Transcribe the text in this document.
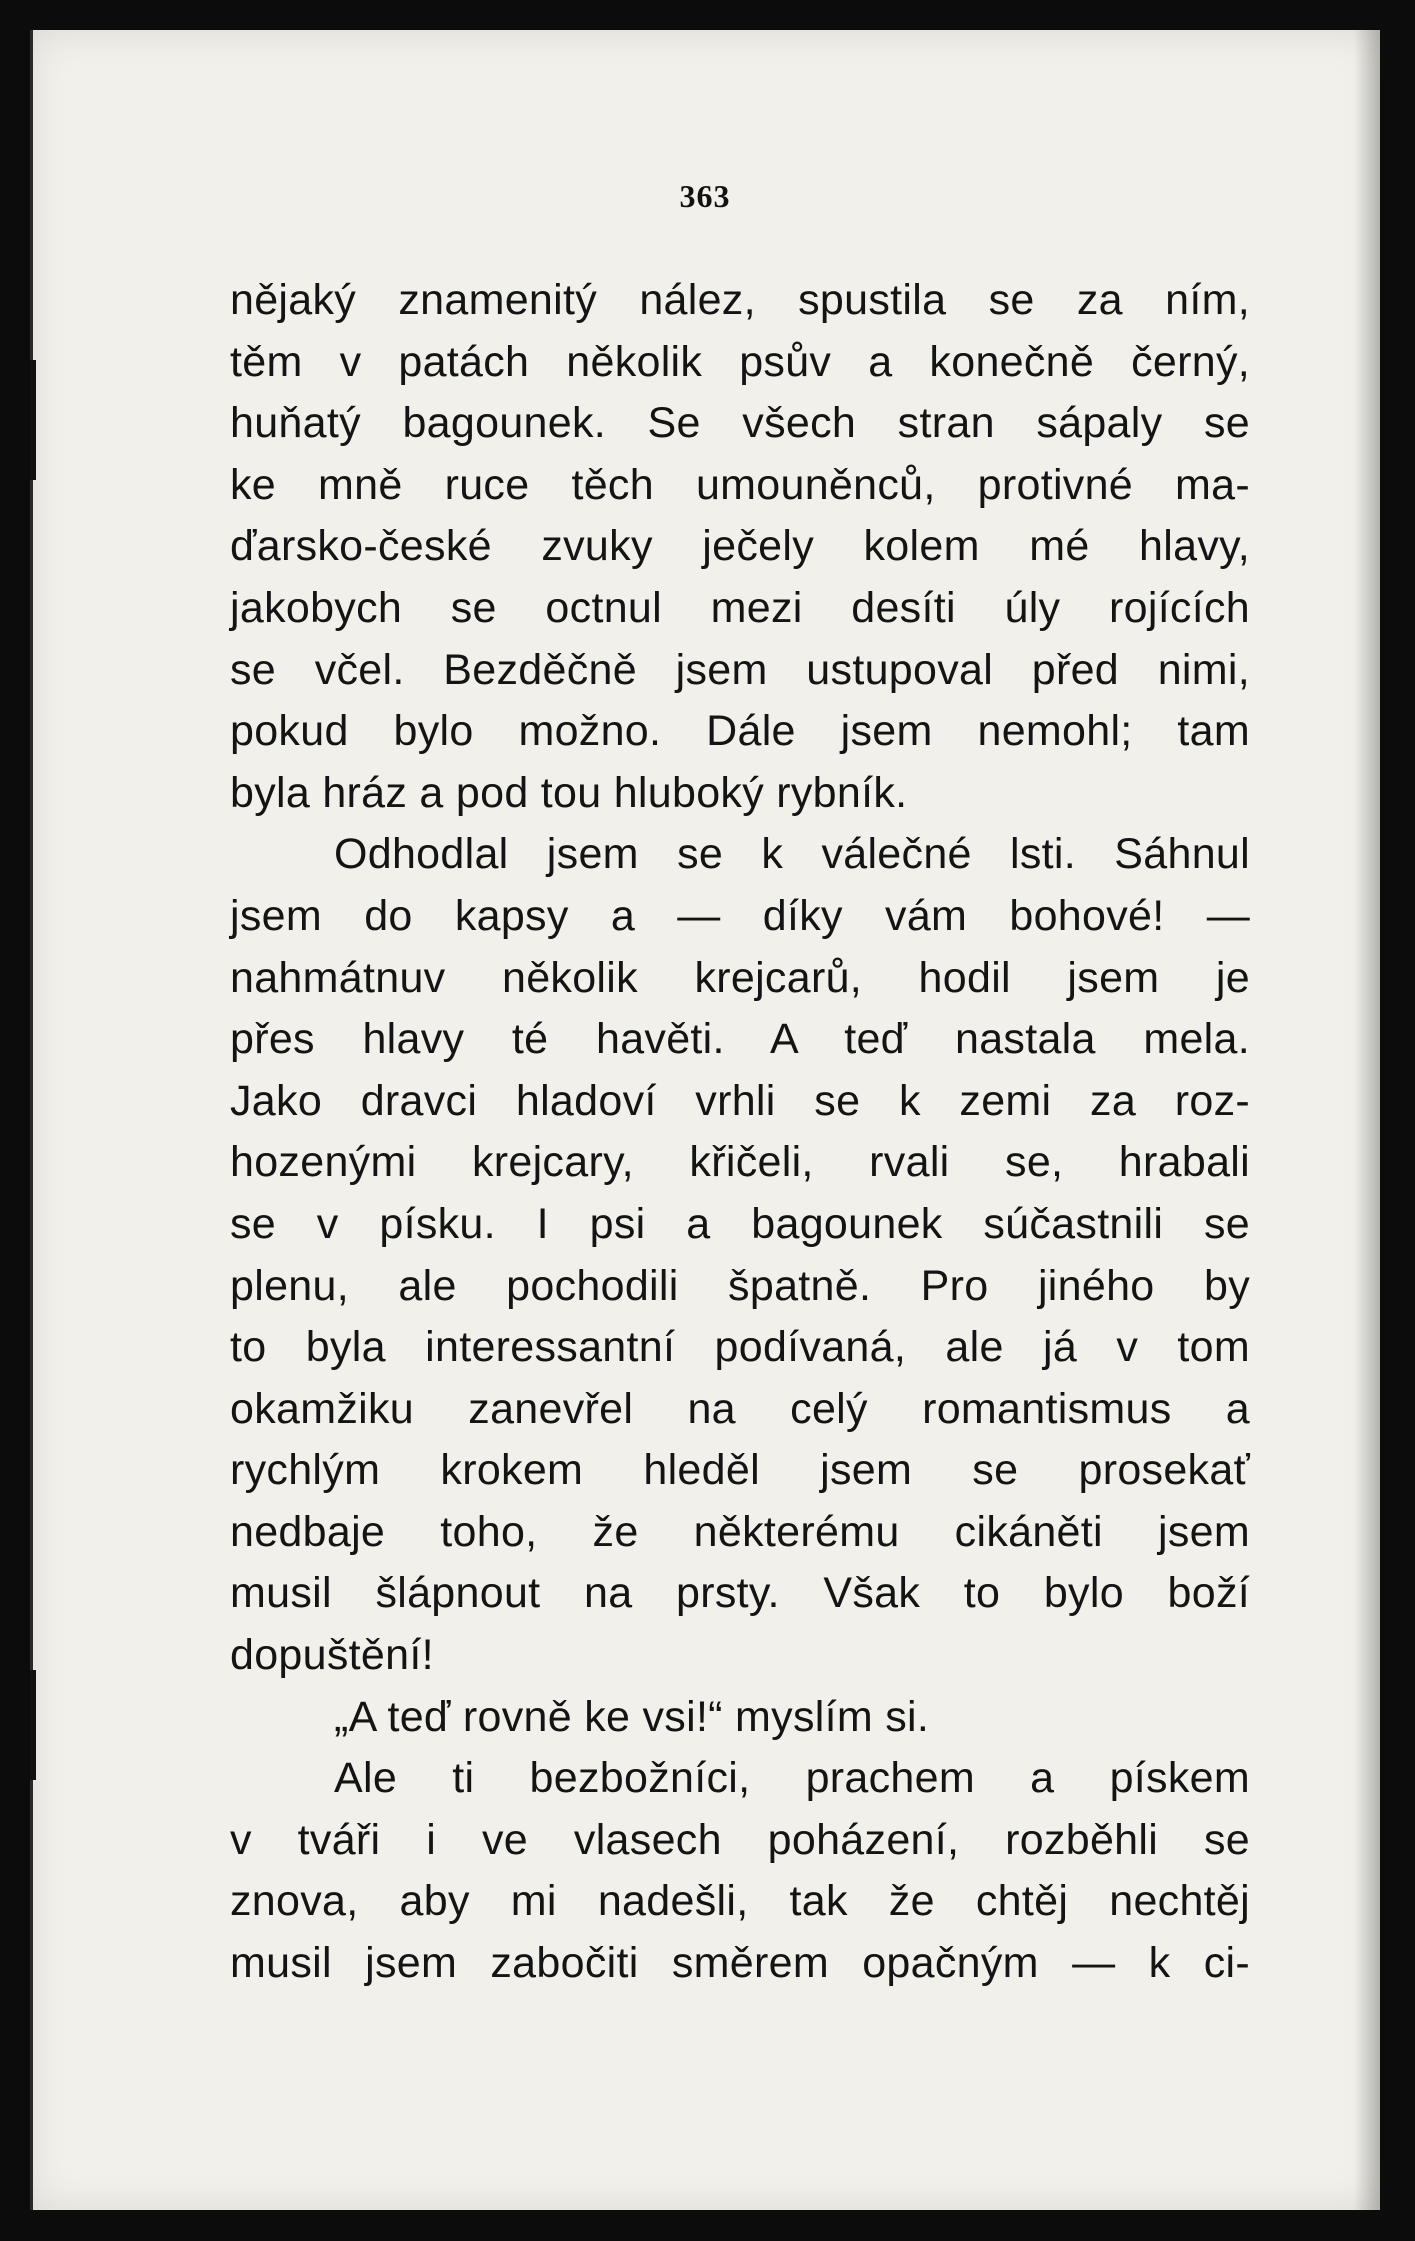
363
nějaký znamenitý nález, spustila se za ním,
těm v patách několik psův a konečně černý,
huňatý bagounek. Se všech stran sápaly se
ke mně ruce těch umouněnců, protivné ma-
ďarsko-české zvuky ječely kolem mé hlavy,
jakobych se octnul mezi desíti úly rojících
se včel. Bezděčně jsem ustupoval před nimi,
pokud bylo možno. Dále jsem nemohl; tam
byla hráz a pod tou hluboký rybník.
Odhodlal jsem se k válečné lsti. Sáhnul
jsem do kapsy a — díky vám bohové! —
nahmátnuv několik krejcarů, hodil jsem je
přes hlavy té havěti. A teď nastala mela.
Jako dravci hladoví vrhli se k zemi za roz-
hozenými krejcary, křičeli, rvali se, hrabali
se v písku. I psi a bagounek súčastnili se
plenu, ale pochodili špatně. Pro jiného by
to byla interessantní podívaná, ale já v tom
okamžiku zanevřel na celý romantismus a
rychlým krokem hleděl jsem se prosekať
nedbaje toho, že některému cikáněti jsem
musil šlápnout na prsty. Však to bylo boží
dopuštění!
„A teď rovně ke vsi!“ myslím si.
Ale ti bezbožníci, prachem a pískem
v tváři i ve vlasech poházení, rozběhli se
znova, aby mi nadešli, tak že chtěj nechtěj
musil jsem zabočiti směrem opačným — k ci-
